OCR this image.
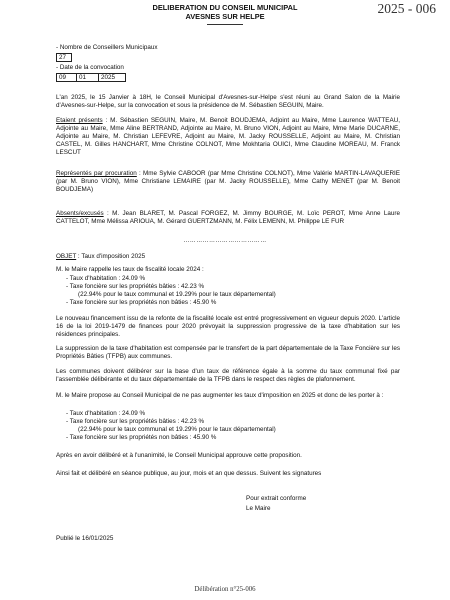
DELIBERATION DU CONSEIL MUNICIPAL
AVESNES SUR HELPE
2025 - 006
- Nombre de Conseillers Municipaux
27
- Date de la convocation
09	01	2025
L'an 2025, le 15 Janvier à 18H, le Conseil Municipal d'Avesnes-sur-Helpe s'est réuni au Grand Salon de la Mairie d'Avesnes-sur-Helpe, sur la convocation et sous la présidence de M. Sébastien SEGUIN, Maire.
Etaient présents : M. Sébastien SEGUIN, Maire, M. Benoit BOUDJEMA, Adjoint au Maire, Mme Laurence WATTEAU, Adjointe au Maire, Mme Aline BERTRAND, Adjointe au Maire, M. Bruno VION, Adjoint au Maire, Mme Marie DUCARNE, Adjointe au Maire, M. Christian LEFEVRE, Adjoint au Maire, M. Jacky ROUSSELLE, Adjoint au Maire, M. Christian CASTEL, M. Gilles HANCHART, Mme Christine COLNOT, Mme Mokhtaria OUICI, Mme Claudine MOREAU, M. Franck LESCUT
Représentés par procuration : Mme Sylvie CABOOR (par Mme Christine COLNOT), Mme Valérie MARTIN-LAVAQUERIE (par M. Bruno VION), Mme Christiane LEMAIRE (par M. Jacky ROUSSELLE), Mme Cathy MENET (par M. Benoit BOUDJEMA)
Absents/excusés : M. Jean BLARET, M. Pascal FORGEZ, M. Jimmy BOURGE, M. Loïc PEROT, Mme Anne Laure CATTELOT, Mme Mélissa ARIOUA, M. Gérard GUERTZMANN, M. Félix LEMENN, M. Philippe LE FUR
…………………………………
OBJET : Taux d'imposition 2025
M. le Maire rappelle les taux de fiscalité locale 2024 :
- Taux d'habitation : 24.09 %
- Taxe foncière sur les propriétés bâties : 42.23 %
(22.94% pour le taux communal et 19.29% pour le taux départemental)
- Taxe foncière sur les propriétés non bâties : 45.90 %
Le nouveau financement issu de la refonte de la fiscalité locale est entré progressivement en vigueur depuis 2020. L'article 16 de la loi 2019-1479 de finances pour 2020 prévoyait la suppression progressive de la taxe d'habitation sur les résidences principales.
La suppression de la taxe d'habitation est compensée par le transfert de la part départementale de la Taxe Foncière sur les Propriétés Bâties (TFPB) aux communes.
Les communes doivent délibérer sur la base d'un taux de référence égale à la somme du taux communal fixé par l'assemblée délibérante et du taux départementale de la TFPB dans le respect des règles de plafonnement.
M. le Maire propose au Conseil Municipal de ne pas augmenter les taux d'imposition en 2025 et donc de les porter à :
- Taux d'habitation : 24.09 %
- Taxe foncière sur les propriétés bâties : 42.23 %
(22.94% pour le taux communal et 19.29% pour le taux départemental)
- Taxe foncière sur les propriétés non bâties : 45.90 %
Après en avoir délibéré et à l'unanimité, le Conseil Municipal approuve cette proposition.
Ainsi fait et délibéré en séance publique, au jour, mois et an que dessus. Suivent les signatures
Pour extrait conforme
Le Maire
Publié le 16/01/2025
Délibération n°25-006
